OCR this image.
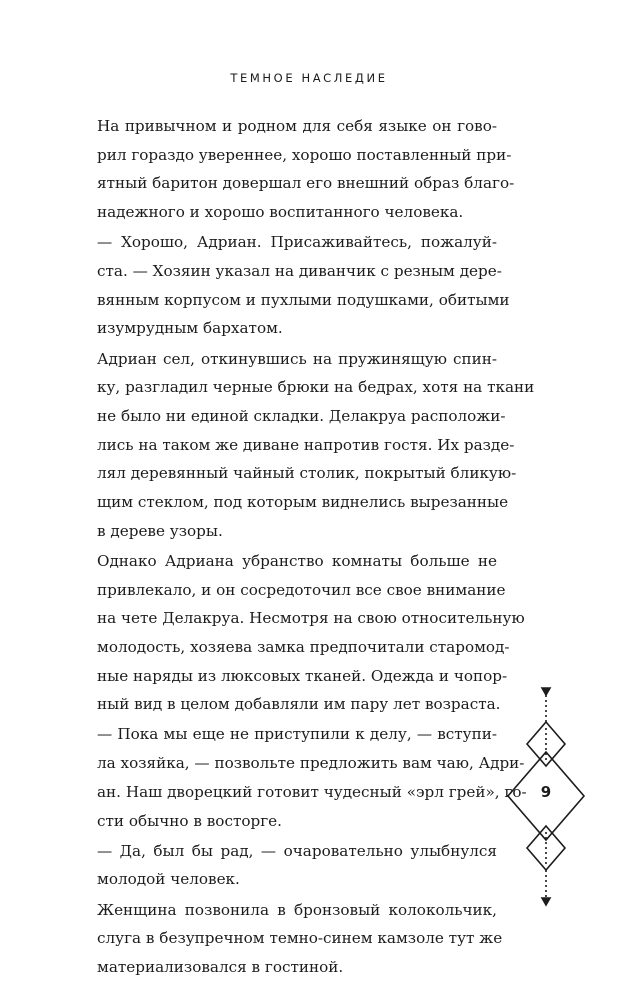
ТЕМНОЕ НАСЛЕДИЕ
На привычном и родном для себя языке он гово-
рил гораздо увереннее, хорошо поставленный при-
ятный баритон довершал его внешний образ благо-
надежного и хорошо воспитанного человека.
— Хорошо, Адриан. Присаживайтесь, пожалуй-
ста. — Хозяин указал на диванчик с резным дере-
вянным корпусом и пухлыми подушками, обитыми
изумрудным бархатом.
Адриан сел, откинувшись на пружинящую спин-
ку, разгладил черные брюки на бедрах, хотя на ткани
не было ни единой складки. Делакруа расположи-
лись на таком же диване напротив гостя. Их разде-
лял деревянный чайный столик, покрытый бликую-
щим стеклом, под которым виднелись вырезанные
в дереве узоры.
Однако Адриана убранство комнаты больше не
привлекало, и он сосредоточил все свое внимание
на чете Делакруа. Несмотря на свою относительную
молодость, хозяева замка предпочитали старомод-
ные наряды из люксовых тканей. Одежда и чопор-
ный вид в целом добавляли им пару лет возраста.
— Пока мы еще не приступили к делу, — вступи-
ла хозяйка, — позвольте предложить вам чаю, Адри-
ан. Наш дворецкий готовит чудесный «эрл грей», го-
сти обычно в восторге.
— Да, был бы рад, — очаровательно улыбнулся
молодой человек.
Женщина позвонила в бронзовый колокольчик,
слуга в безупречном темно-синем камзоле тут же
материализовался в гостиной.
9
